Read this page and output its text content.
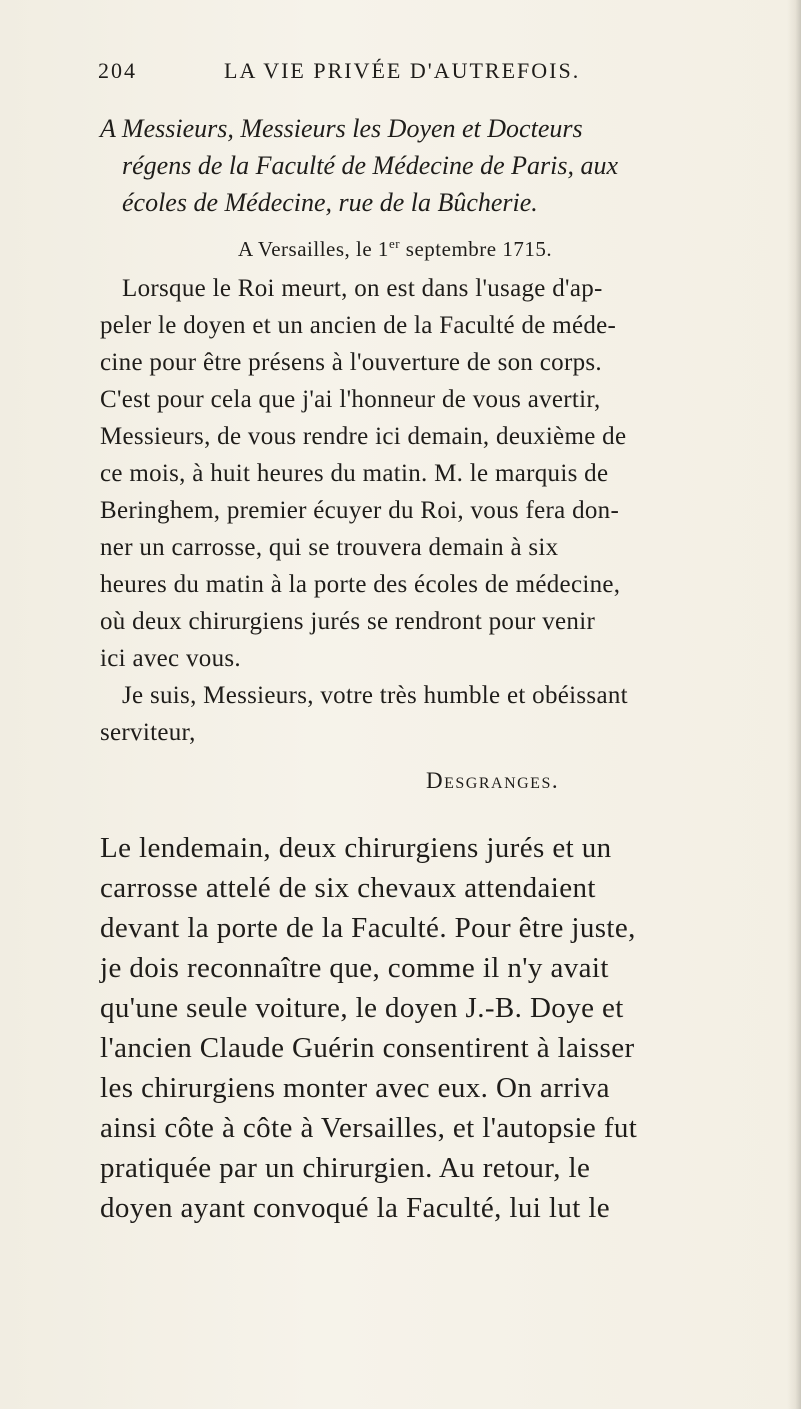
204	LA VIE PRIVÉE D'AUTREFOIS.
A Messieurs, Messieurs les Doyen et Docteurs
régens de la Faculté de Médecine de Paris, aux
écoles de Médecine, rue de la Bûcherie.
A Versailles, le 1er septembre 1715.
Lorsque le Roi meurt, on est dans l'usage d'ap-
peler le doyen et un ancien de la Faculté de méde-
cine pour être présens à l'ouverture de son corps.
C'est pour cela que j'ai l'honneur de vous avertir,
Messieurs, de vous rendre ici demain, deuxième de
ce mois, à huit heures du matin. M. le marquis de
Beringhem, premier écuyer du Roi, vous fera don-
ner un carrosse, qui se trouvera demain à six
heures du matin à la porte des écoles de médecine,
où deux chirurgiens jurés se rendront pour venir
ici avec vous.
Je suis, Messieurs, votre très humble et obéissant
serviteur,
Desgranges.
Le lendemain, deux chirurgiens jurés et un
carrosse attelé de six chevaux attendaient
devant la porte de la Faculté. Pour être juste,
je dois reconnaître que, comme il n'y avait
qu'une seule voiture, le doyen J.-B. Doye et
l'ancien Claude Guérin consentirent à laisser
les chirurgiens monter avec eux. On arriva
ainsi côte à côte à Versailles, et l'autopsie fut
pratiquée par un chirurgien. Au retour, le
doyen ayant convoqué la Faculté, lui lut le
